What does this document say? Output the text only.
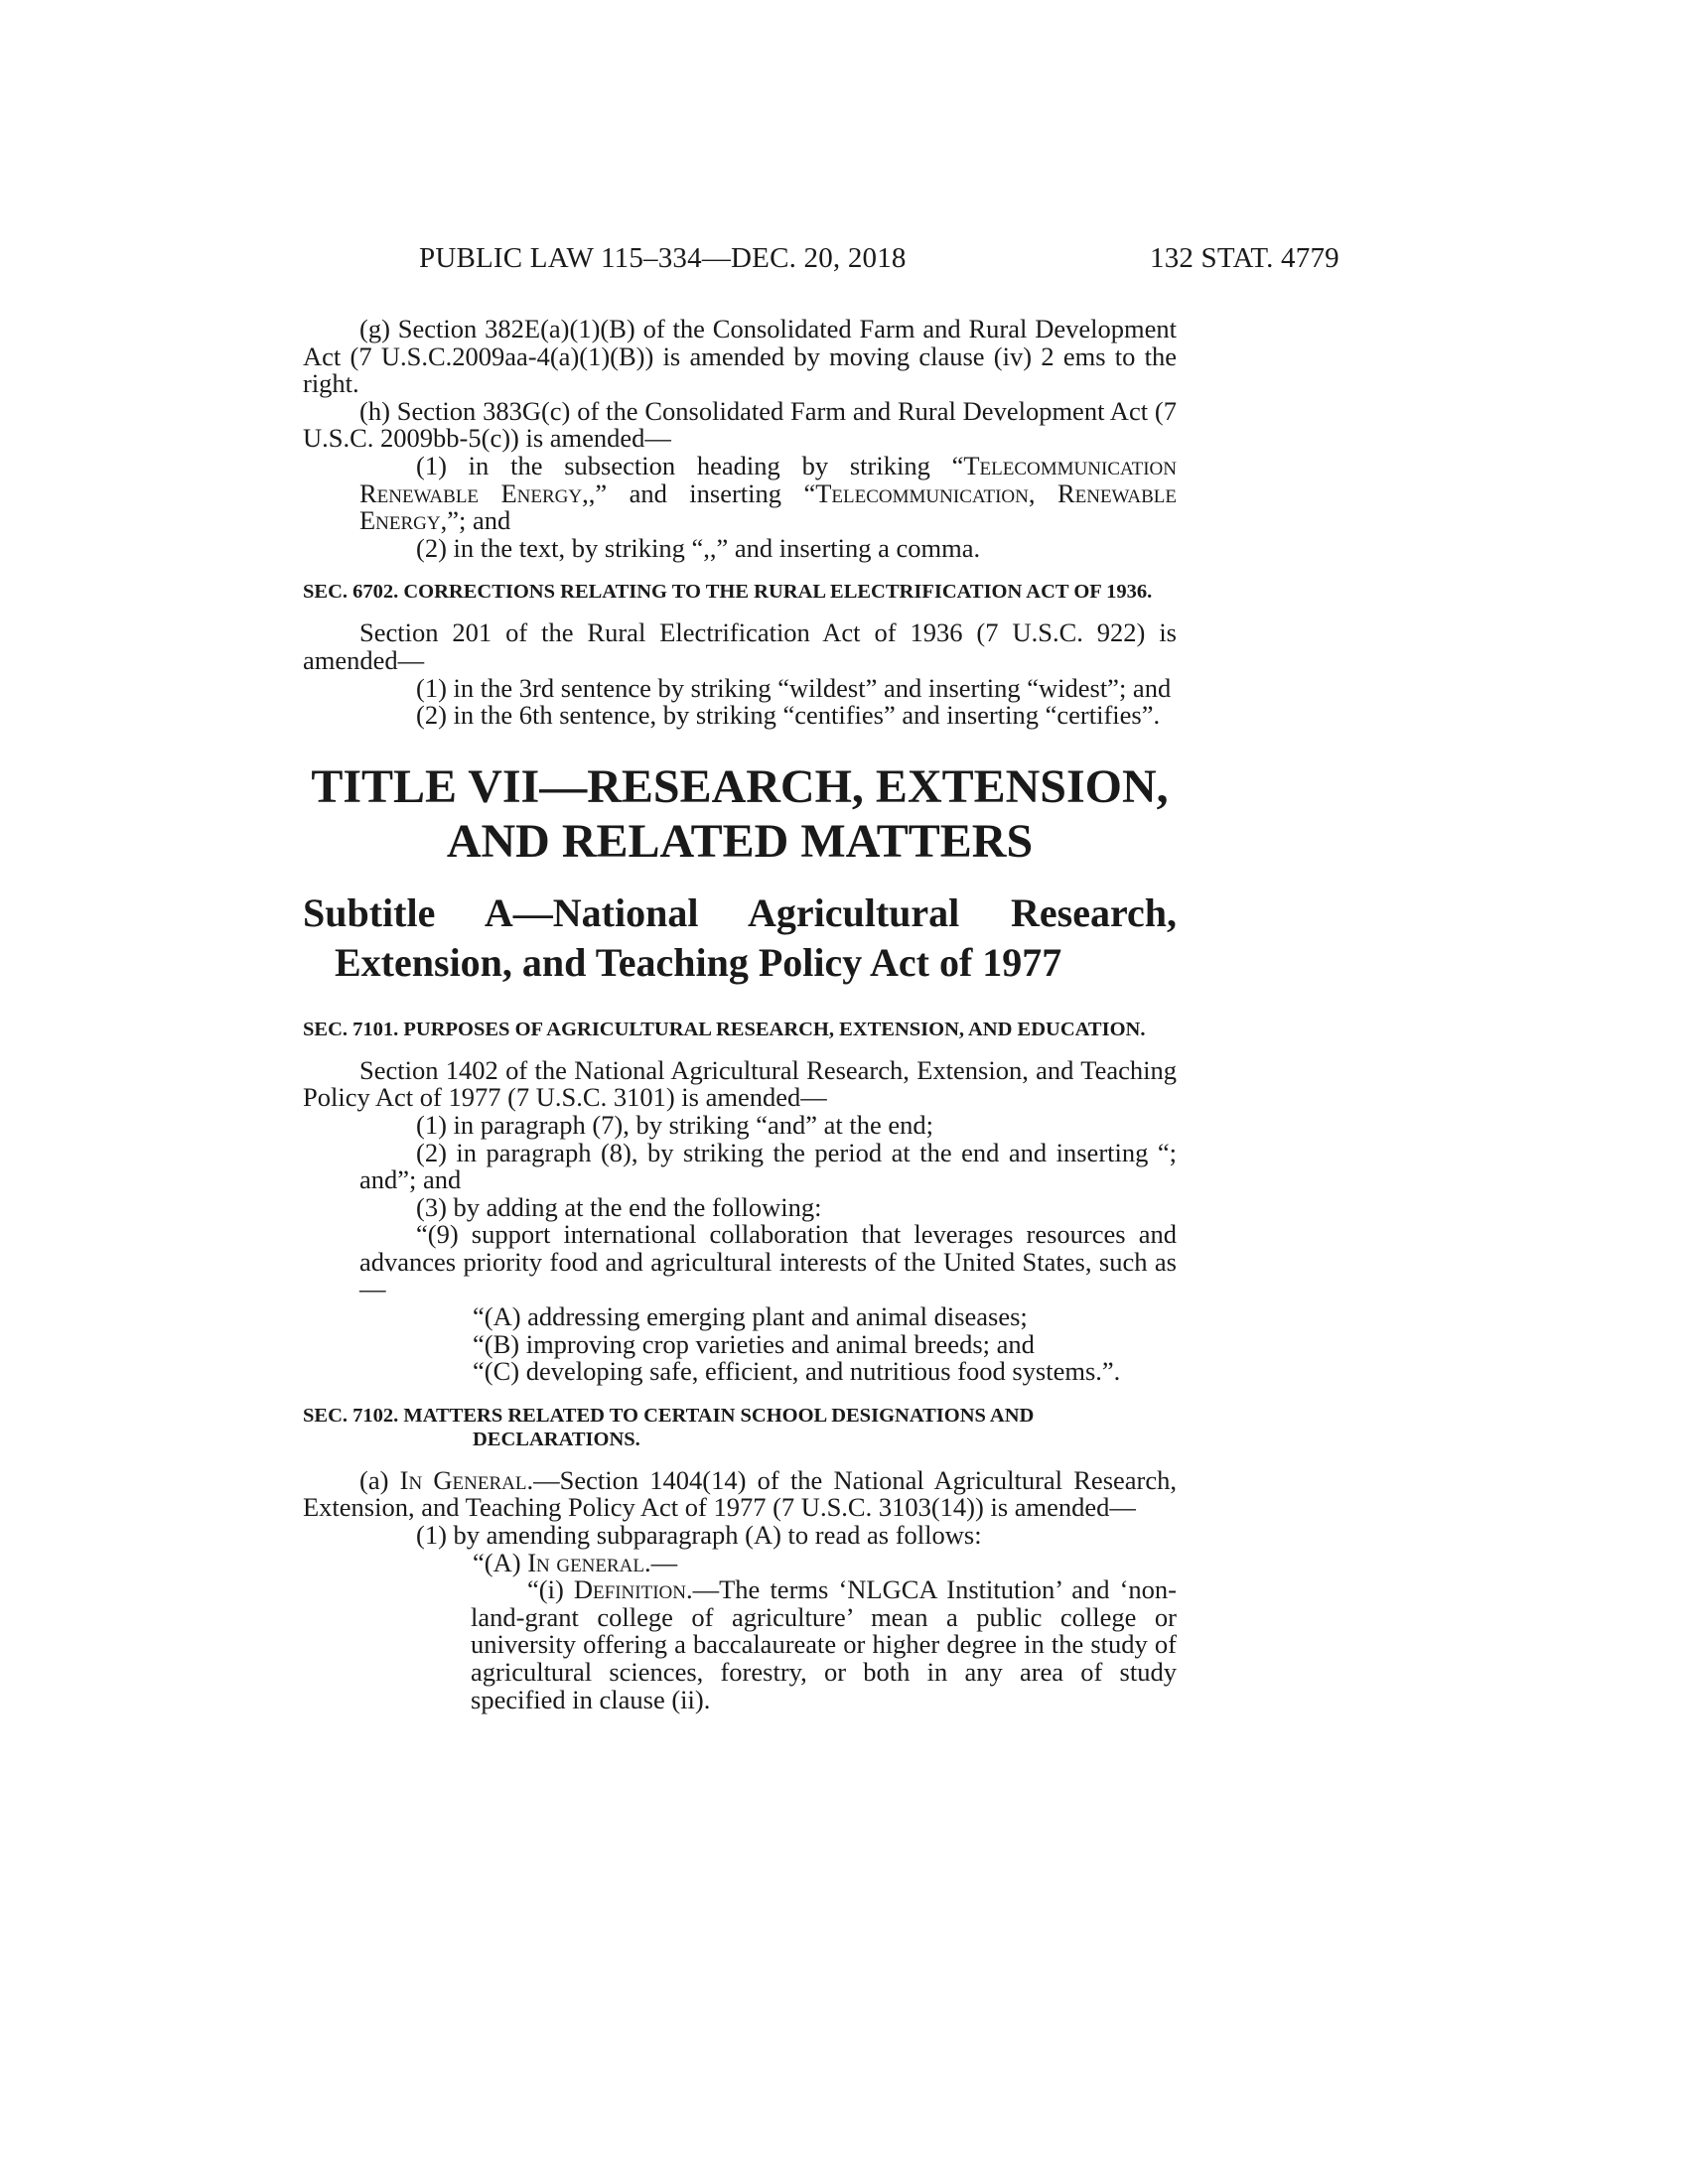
PUBLIC LAW 115–334—DEC. 20, 2018	132 STAT. 4779

(g) Section 382E(a)(1)(B) of the Consolidated Farm and Rural Development Act (7 U.S.C.2009aa-4(a)(1)(B)) is amended by moving clause (iv) 2 ems to the right.

(h) Section 383G(c) of the Consolidated Farm and Rural Development Act (7 U.S.C. 2009bb-5(c)) is amended—

(1) in the subsection heading by striking “Telecommunication Renewable Energy,,” and inserting “Telecommunication, Renewable Energy,”; and

(2) in the text, by striking “,,” and inserting a comma.

SEC. 6702. CORRECTIONS RELATING TO THE RURAL ELECTRIFICATION ACT OF 1936.

Section 201 of the Rural Electrification Act of 1936 (7 U.S.C. 922) is amended—

(1) in the 3rd sentence by striking “wildest” and inserting “widest”; and

(2) in the 6th sentence, by striking “centifies” and inserting “certifies”.

TITLE VII—RESEARCH, EXTENSION,
AND RELATED MATTERS
Subtitle A—National Agricultural Research, Extension, and Teaching Policy Act of 1977
SEC. 7101. PURPOSES OF AGRICULTURAL RESEARCH, EXTENSION, AND EDUCATION.

Section 1402 of the National Agricultural Research, Extension, and Teaching Policy Act of 1977 (7 U.S.C. 3101) is amended—

(1) in paragraph (7), by striking “and” at the end;

(2) in paragraph (8), by striking the period at the end and inserting “; and”; and

(3) by adding at the end the following:

“(9) support international collaboration that leverages resources and advances priority food and agricultural interests of the United States, such as—

“(A) addressing emerging plant and animal diseases;

“(B) improving crop varieties and animal breeds; and

“(C) developing safe, efficient, and nutritious food systems.”.

SEC. 7102. MATTERS RELATED TO CERTAIN SCHOOL DESIGNATIONS AND DECLARATIONS.

(a) In General.—Section 1404(14) of the National Agricultural Research, Extension, and Teaching Policy Act of 1977 (7 U.S.C. 3103(14)) is amended—

(1) by amending subparagraph (A) to read as follows:

“(A) In general.—

“(i) Definition.—The terms ‘NLGCA Institution’ and ‘non-land-grant college of agriculture’ mean a public college or university offering a baccalaureate or higher degree in the study of agricultural sciences, forestry, or both in any area of study specified in clause (ii).
